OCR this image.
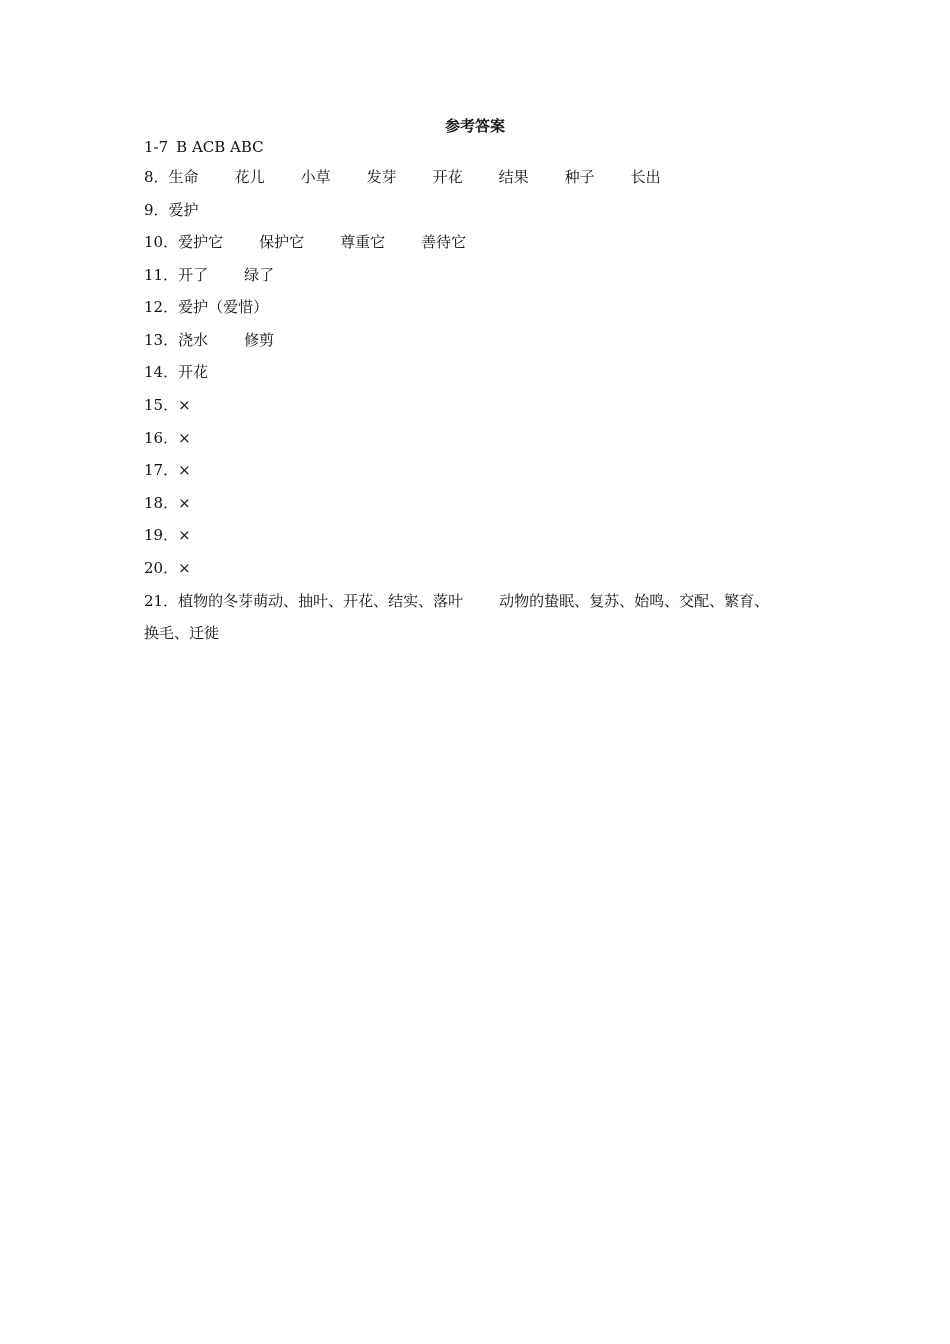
参考答案
1-7 B ACB ABC
8．生命 花儿 小草 发芽 开花 结果 种子 长出
9．爱护
10．爱护它 保护它 尊重它 善待它
11．开了 绿了
12．爱护（爱惜）
13．浇水 修剪
14．开花
15．×
16．×
17．×
18．×
19．×
20．×
21．植物的冬芽萌动、抽叶、开花、结实、落叶 动物的蛰眠、复苏、始鸣、交配、繁育、
换毛、迁徙
